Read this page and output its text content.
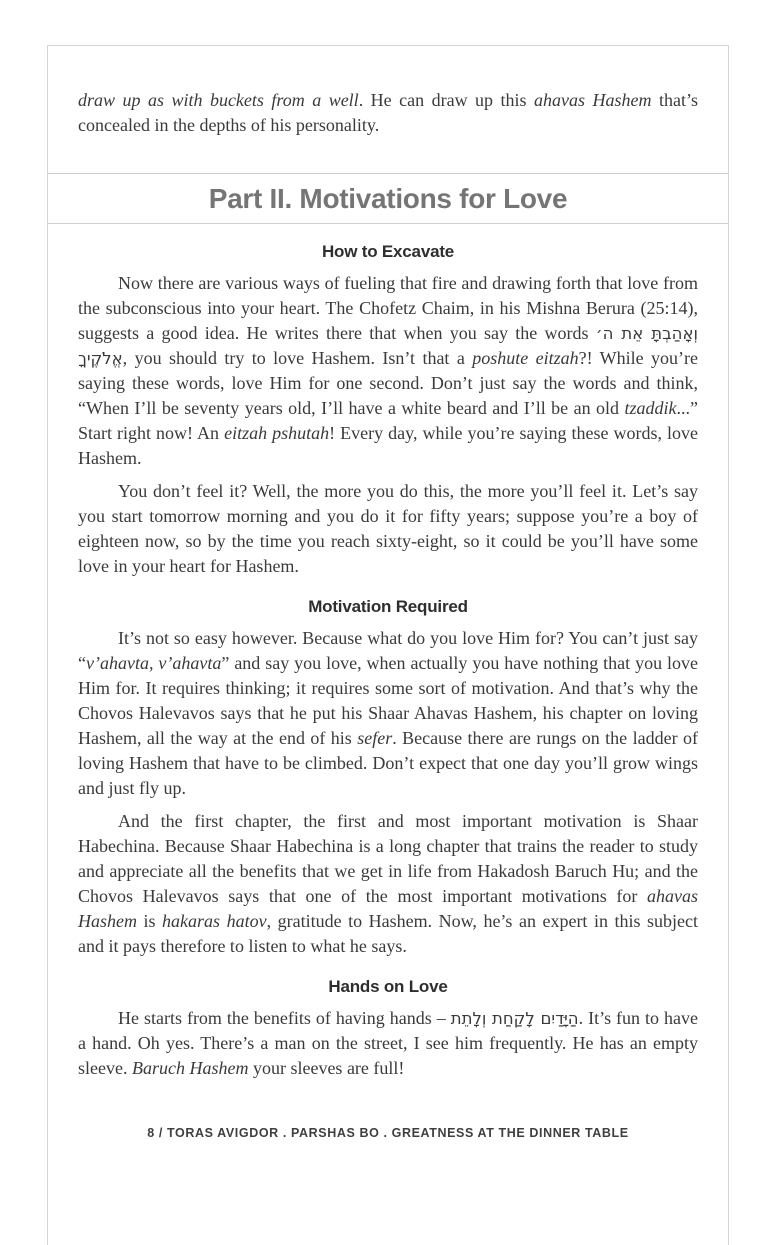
draw up as with buckets from a well. He can draw up this ahavas Hashem that’s concealed in the depths of his personality.

Part II. Motivations for Love
How to Excavate

Now there are various ways of fueling that fire and drawing forth that love from the subconscious into your heart. The Chofetz Chaim, in his Mishna Berura (25:14), suggests a good idea. He writes there that when you say the words וְאָהַבְתָּ אֵת ה׳ אֱלֹקֶיךָ, you should try to love Hashem. Isn’t that a poshute eitzah?! While you’re saying these words, love Him for one second. Don’t just say the words and think, “When I’ll be seventy years old, I’ll have a white beard and I’ll be an old tzaddik...” Start right now! An eitzah pshutah! Every day, while you’re saying these words, love Hashem.

You don’t feel it? Well, the more you do this, the more you’ll feel it. Let’s say you start tomorrow morning and you do it for fifty years; suppose you’re a boy of eighteen now, so by the time you reach sixty-eight, so it could be you’ll have some love in your heart for Hashem.

Motivation Required

It’s not so easy however. Because what do you love Him for? You can’t just say “v’ahavta, v’ahavta” and say you love, when actually you have nothing that you love Him for. It requires thinking; it requires some sort of motivation. And that’s why the Chovos Halevavos says that he put his Shaar Ahavas Hashem, his chapter on loving Hashem, all the way at the end of his sefer. Because there are rungs on the ladder of loving Hashem that have to be climbed. Don’t expect that one day you’ll grow wings and just fly up.

And the first chapter, the first and most important motivation is Shaar Habechina. Because Shaar Habechina is a long chapter that trains the reader to study and appreciate all the benefits that we get in life from Hakadosh Baruch Hu; and the Chovos Halevavos says that one of the most important motivations for ahavas Hashem is hakaras hatov, gratitude to Hashem. Now, he’s an expert in this subject and it pays therefore to listen to what he says.

Hands on Love

He starts from the benefits of having hands – הַיָּדַיִם לָקַחַת וְלָתֵת. It’s fun to have a hand. Oh yes. There’s a man on the street, I see him frequently. He has an empty sleeve. Baruch Hashem your sleeves are full!

8 / TORAS AVIGDOR . PARSHAS BO . GREATNESS AT THE DINNER TABLE
